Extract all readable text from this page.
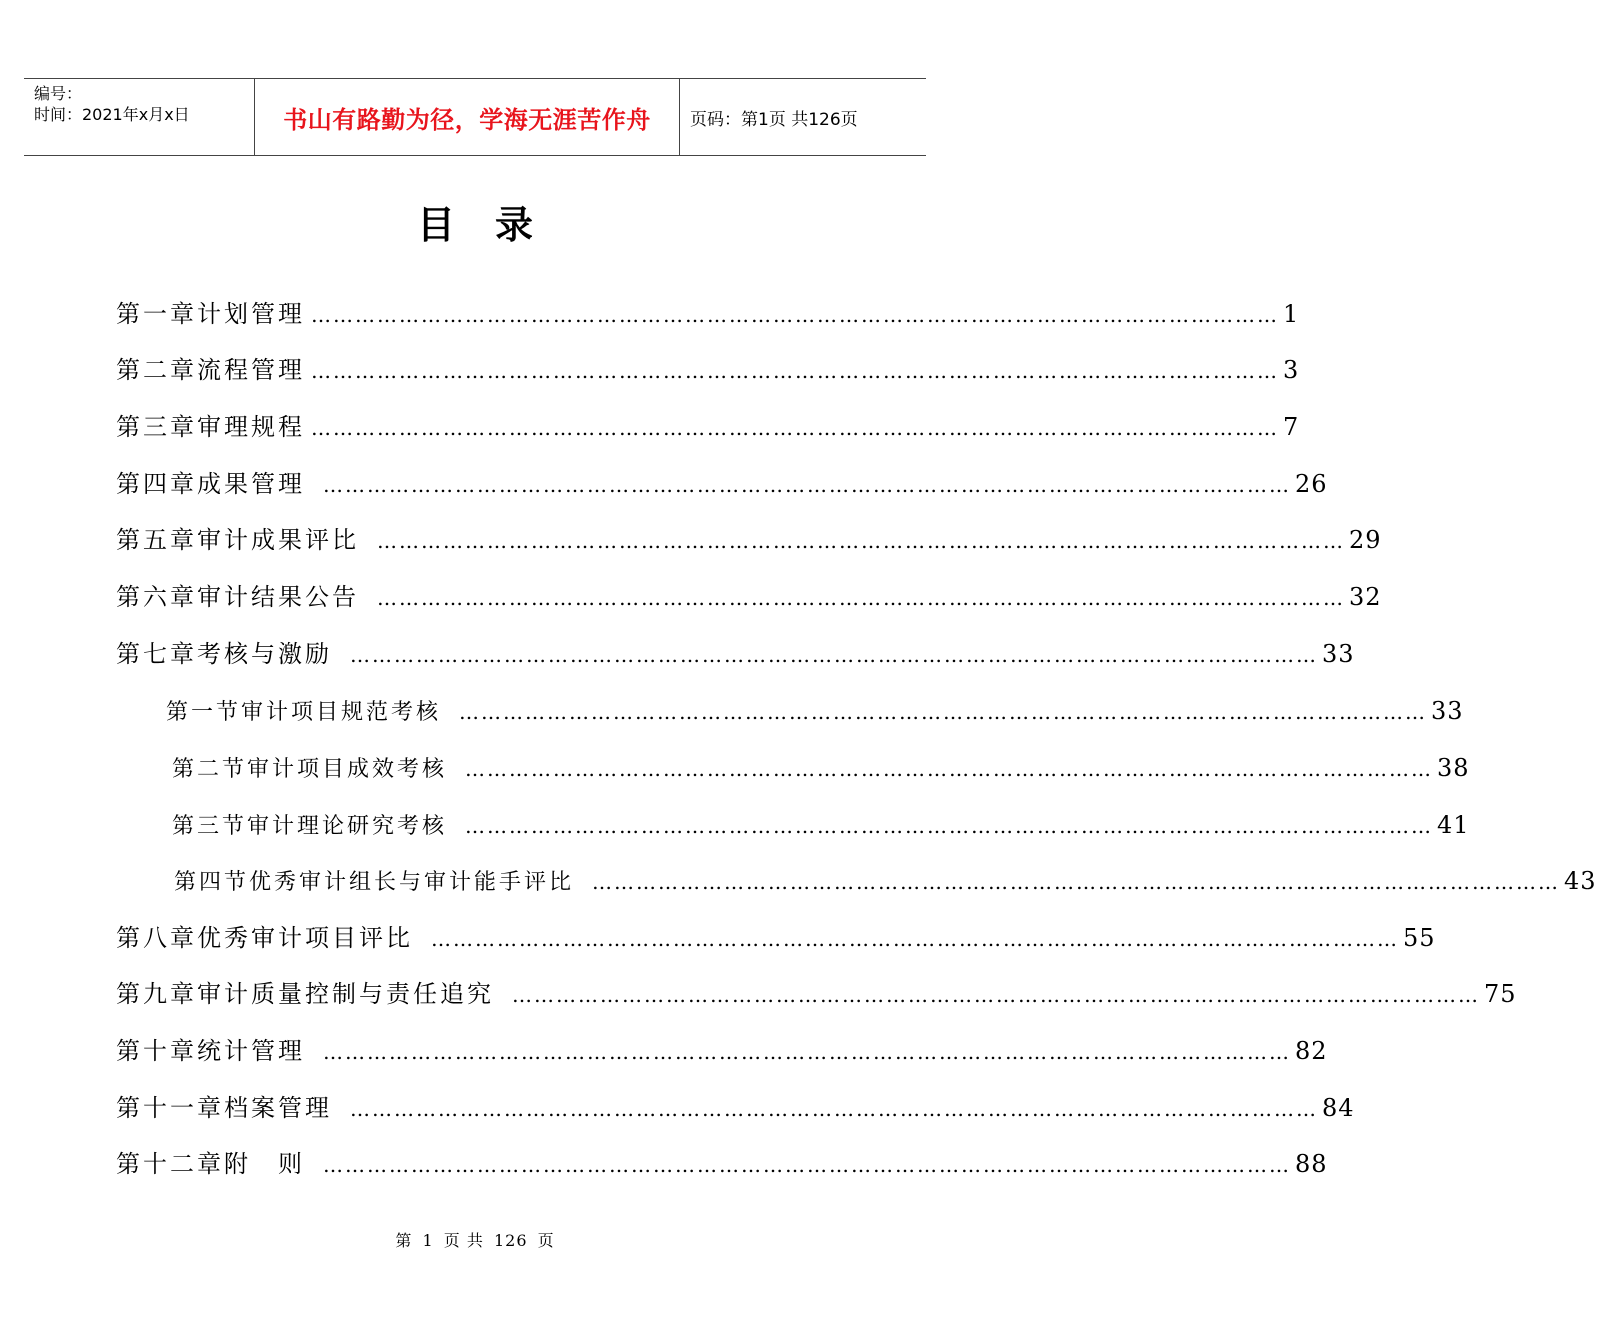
编号：
时间：2021年x月x日	书山有路勤为径，学海无涯苦作舟	页码：第1页 共126页
目录
第一章 计划管理 …………………………………………………………………………………………………………………… 1
第二章 流程管理 …………………………………………………………………………………………………………………… 3
第三章 审理规程 …………………………………………………………………………………………………………………… 7
第四章 成果管理 …………………………………………………………………………………………………………………… 26
第五章 审计成果评比 …………………………………………………………………………………………………………………… 29
第六章 审计结果公告 …………………………………………………………………………………………………………………… 32
第七章 考核与激励 …………………………………………………………………………………………………………………… 33
第一节 审计项目规范考核 …………………………………………………………………………………………………………………… 33
第二节 审计项目成效考核 …………………………………………………………………………………………………………………… 38
第三节 审计理论研究考核 …………………………………………………………………………………………………………………… 41
第四节 优秀审计组长与审计能手评比 …………………………………………………………………………………………………………………… 43
第八章 优秀审计项目评比 …………………………………………………………………………………………………………………… 55
第九章 审计质量控制与责任追究 …………………………………………………………………………………………………………………… 75
第十章 统计管理 …………………………………………………………………………………………………………………… 82
第十一章 档案管理 …………………………………………………………………………………………………………………… 84
第十二章 附　则 …………………………………………………………………………………………………………………… 88
第 1 页 共 126 页
